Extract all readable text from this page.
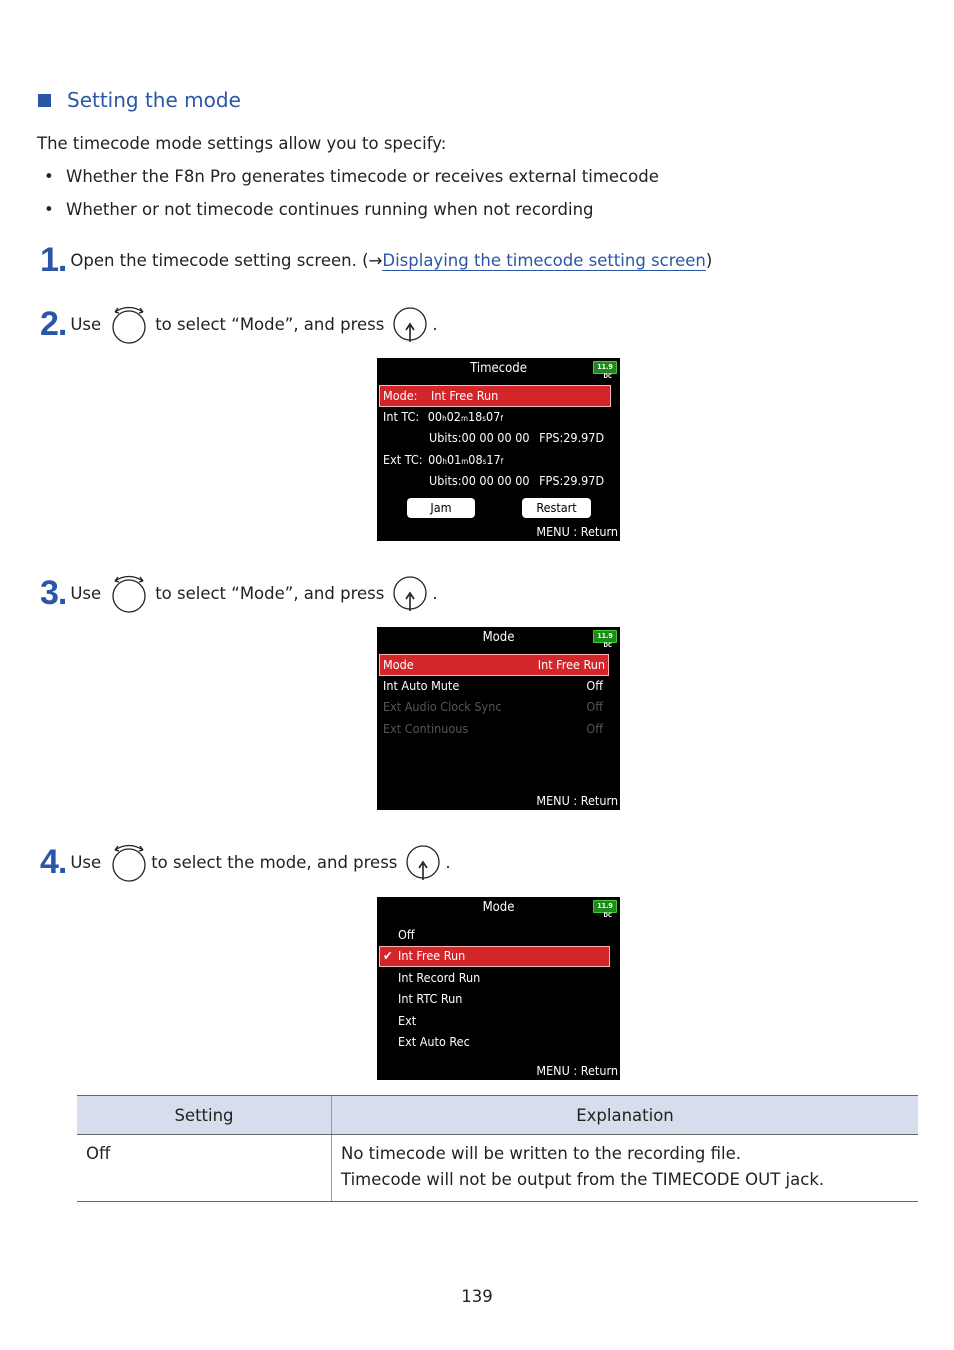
Setting the mode
The timecode mode settings allow you to specify:
• Whether the F8n Pro generates timecode or receives external timecode
• Whether or not timecode continues running when not recording
1. Open the timecode setting screen. (→ Displaying the timecode setting screen )
2. Use	to select “Mode”, and press	.
Timecode	11.9
DC
Mode: Int Free Run
Int TC: 00h02m18s07f
Ubits:00 00 00 00 FPS:29.97D
Ext TC: 00h01m08s17f
Ubits:00 00 00 00 FPS:29.97D
Jam	Restart
MENU : Return
3. Use	to select “Mode”, and press	.
Mode	11.9
DC
Mode	Int Free Run
Int Auto Mute	Off
Ext Audio Clock Sync	Off
Ext Continuous	Off
MENU : Return
4. Use	to select the mode, and press	.
Mode	11.9
DC
Off
✔ Int Free Run
Int Record Run
Int RTC Run
Ext
Ext Auto Rec
MENU : Return
Setting	Explanation
Off	No timecode will be written to the recording file.
Timecode will not be output from the TIMECODE OUT jack.
139
